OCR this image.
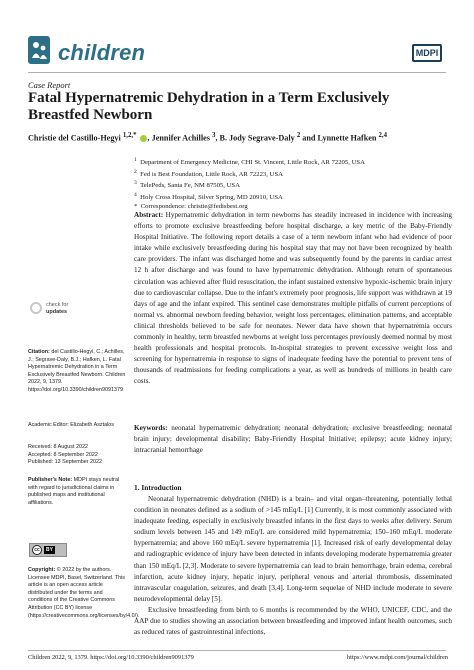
children	MDPI
Case Report
Fatal Hypernatremic Dehydration in a Term Exclusively Breastfed Newborn
Christie del Castillo-Hegyi $^{1,2,*}$ , Jennifer Achilles $^3$, B. Jody Segrave-Daly $^2$ and Lynnette Hafken $^{2,4}$
$^1$ Department of Emergency Medicine, CHI St. Vincent, Little Rock, AR 72205, USA
$^2$ Fed is Best Foundation, Little Rock, AR 72223, USA
$^3$ TelePeds, Santa Fe, NM 87505, USA
$^4$ Holy Cross Hospital, Silver Spring, MD 20910, USA
* Correspondence: christie@fedisbest.org
Abstract: Hypernatremic dehydration in term newborns has steadily increased in incidence with increasing efforts to promote exclusive breastfeeding before hospital discharge, a key metric of the Baby-Friendly Hospital Initiative. The following report details a case of a term newborn infant who had evidence of poor intake while exclusively breastfeeding during his hospital stay that may not have been recognized by health care providers. The infant was discharged home and was subsequently found by the parents in cardiac arrest 12 h after discharge and was found to have hypernatremic dehydration. Although return of spontaneous circulation was achieved after fluid resuscitation, the infant sustained extensive hypoxic-ischemic brain injury due to cardiovascular collapse. Due to the infant's extremely poor prognosis, life support was withdrawn at 19 days of age and the infant expired. This sentinel case demonstrates multiple pitfalls of current perceptions of normal vs. abnormal newborn feeding behavior, weight loss percentages, elimination patterns, and acceptable clinical thresholds believed to be safe for neonates. Newer data have shown that hypernatremia occurs commonly in healthy, term breastfed newborns at weight loss percentages previously deemed normal by most health professionals and hospital protocols. In-hospital strategies to prevent excessive weight loss and screening for hypernatremia in response to signs of inadequate feeding have the potential to prevent tens of thousands of readmissions for feeding complications a year, as well as hundreds of millions in health care costs.
Keywords: neonatal hypernatremic dehydration; neonatal dehydration; exclusive breastfeeding; neonatal brain injury; developmental disability; Baby-Friendly Hospital Initiative; epilepsy; acute kidney injury; intracranial hemorrhage
1. Introduction

Neonatal hypernatremic dehydration (NHD) is a brain– and vital organ–threatening, potentially lethal condition in neonates defined as a sodium of >145 mEq/L [1] Currently, it is most commonly associated with inadequate feeding, especially in exclusively breastfed infants in the first days to weeks after delivery. Serum sodium levels between 145 and 149 mEq/L are considered mild hypernatremia; 150–160 mEq/L moderate hypernatremia; and above 160 mEq/L severe hypernatremia [1]. Increased risk of early developmental delay and radiographic evidence of injury have been detected in infants developing moderate hypernatremia greater than 150 mEq/L [2,3]. Moderate to severe hypernatremia can lead to brain hemorrhage, brain edema, cerebral infarction, acute kidney injury, hepatic injury, peripheral venous and arterial thrombosis, disseminated intravascular coagulation, seizures, and death [3,4]. Long-term sequelae of NHD include moderate to severe neurodevelopmental delay [5].

Exclusive breastfeeding from birth to 6 months is recommended by the WHO, UNICEF, CDC, and the AAP due to studies showing an association between breastfeeding and improved infant health outcomes, such as reduced rates of gastrointestinal infections,

check for
updates
Citation: del Castillo-Hegyi, C.; Achilles, J.; Segrave-Daly, B.J.; Hafken, L. Fatal Hypernatremic Dehydration in a Term Exclusively Breastfed Newborn. Children 2022, 9, 1379. https://doi.org/10.3390/children9091379
Academic Editor: Elizabeth Asztalos
Received: 8 August 2022
Accepted: 8 September 2022
Published: 13 September 2022
Publisher's Note: MDPI stays neutral with regard to jurisdictional claims in published maps and institutional affiliations.
cc	BY
Copyright: © 2022 by the authors. Licensee MDPI, Basel, Switzerland. This article is an open access article distributed under the terms and conditions of the Creative Commons Attribution (CC BY) license (https://creativecommons.org/licenses/by/4.0/).
Children 2022, 9, 1379. https://doi.org/10.3390/children9091379	https://www.mdpi.com/journal/children
